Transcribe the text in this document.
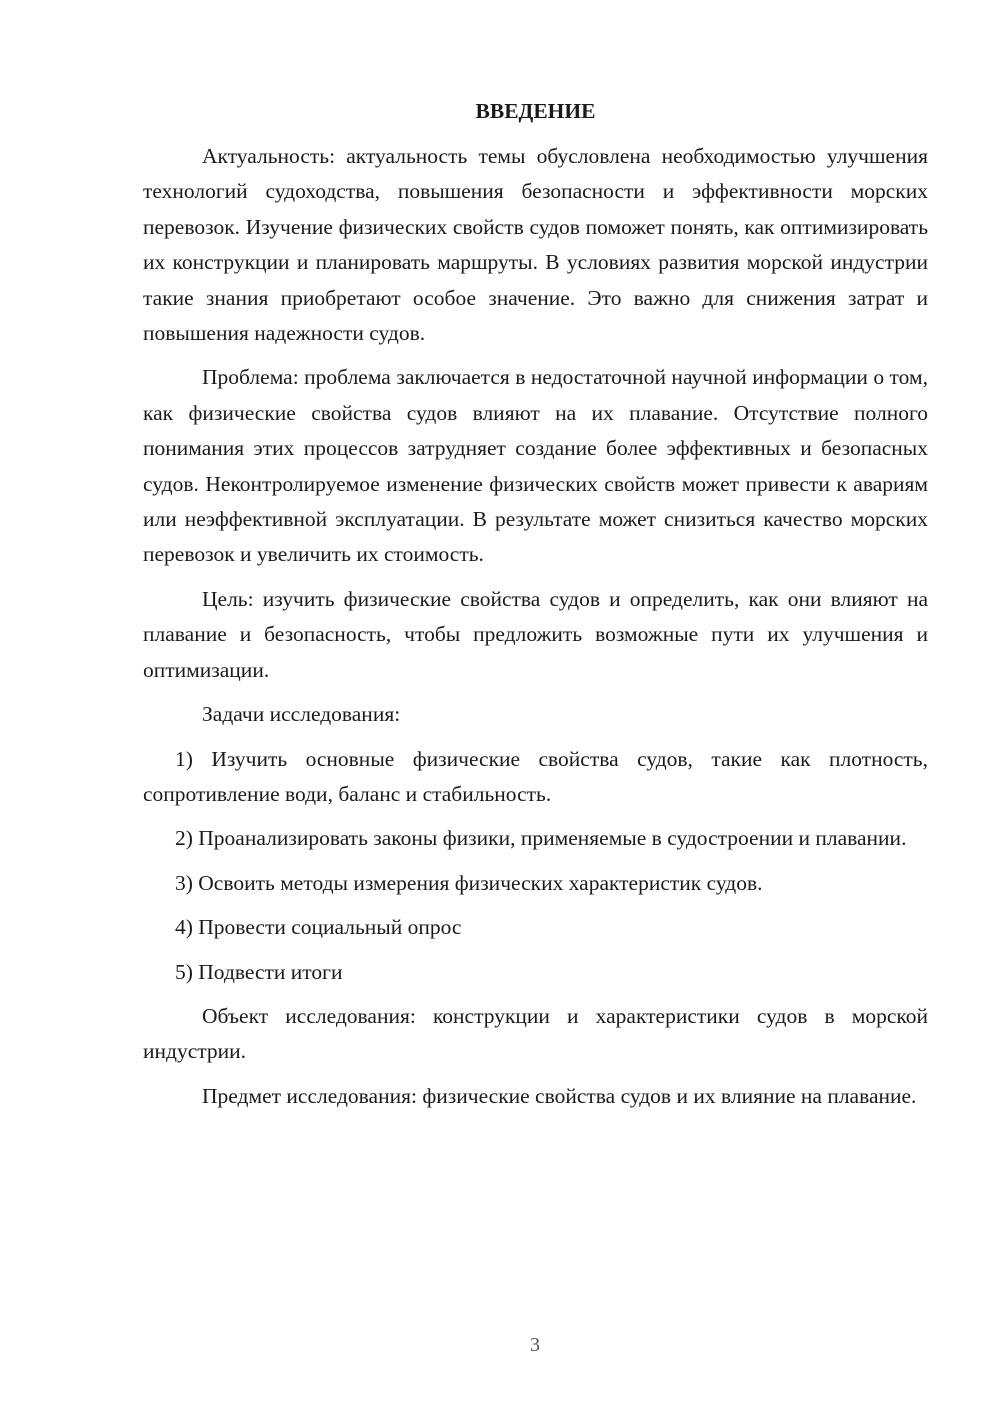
ВВЕДЕНИЕ

Актуальность: актуальность темы обусловлена необходимостью улучшения технологий судоходства, повышения безопасности и эффективности морских перевозок. Изучение физических свойств судов поможет понять, как оптимизировать их конструкции и планировать маршруты. В условиях развития морской индустрии такие знания приобретают особое значение. Это важно для снижения затрат и повышения надежности судов.

Проблема: проблема заключается в недостаточной научной информации о том, как физические свойства судов влияют на их плавание. Отсутствие полного понимания этих процессов затрудняет создание более эффективных и безопасных судов. Неконтролируемое изменение физических свойств может привести к авариям или неэффективной эксплуатации. В результате может снизиться качество морских перевозок и увеличить их стоимость.

Цель: изучить физические свойства судов и определить, как они влияют на плавание и безопасность, чтобы предложить возможные пути их улучшения и оптимизации.

Задачи исследования:

1) Изучить основные физические свойства судов, такие как плотность, сопротивление води, баланс и стабильность.

2) Проанализировать законы физики, применяемые в судостроении и плавании.

3) Освоить методы измерения физических характеристик судов.

4) Провести социальный опрос

5) Подвести итоги

Объект исследования: конструкции и характеристики судов в морской индустрии.

Предмет исследования: физические свойства судов и их влияние на плавание.

3
